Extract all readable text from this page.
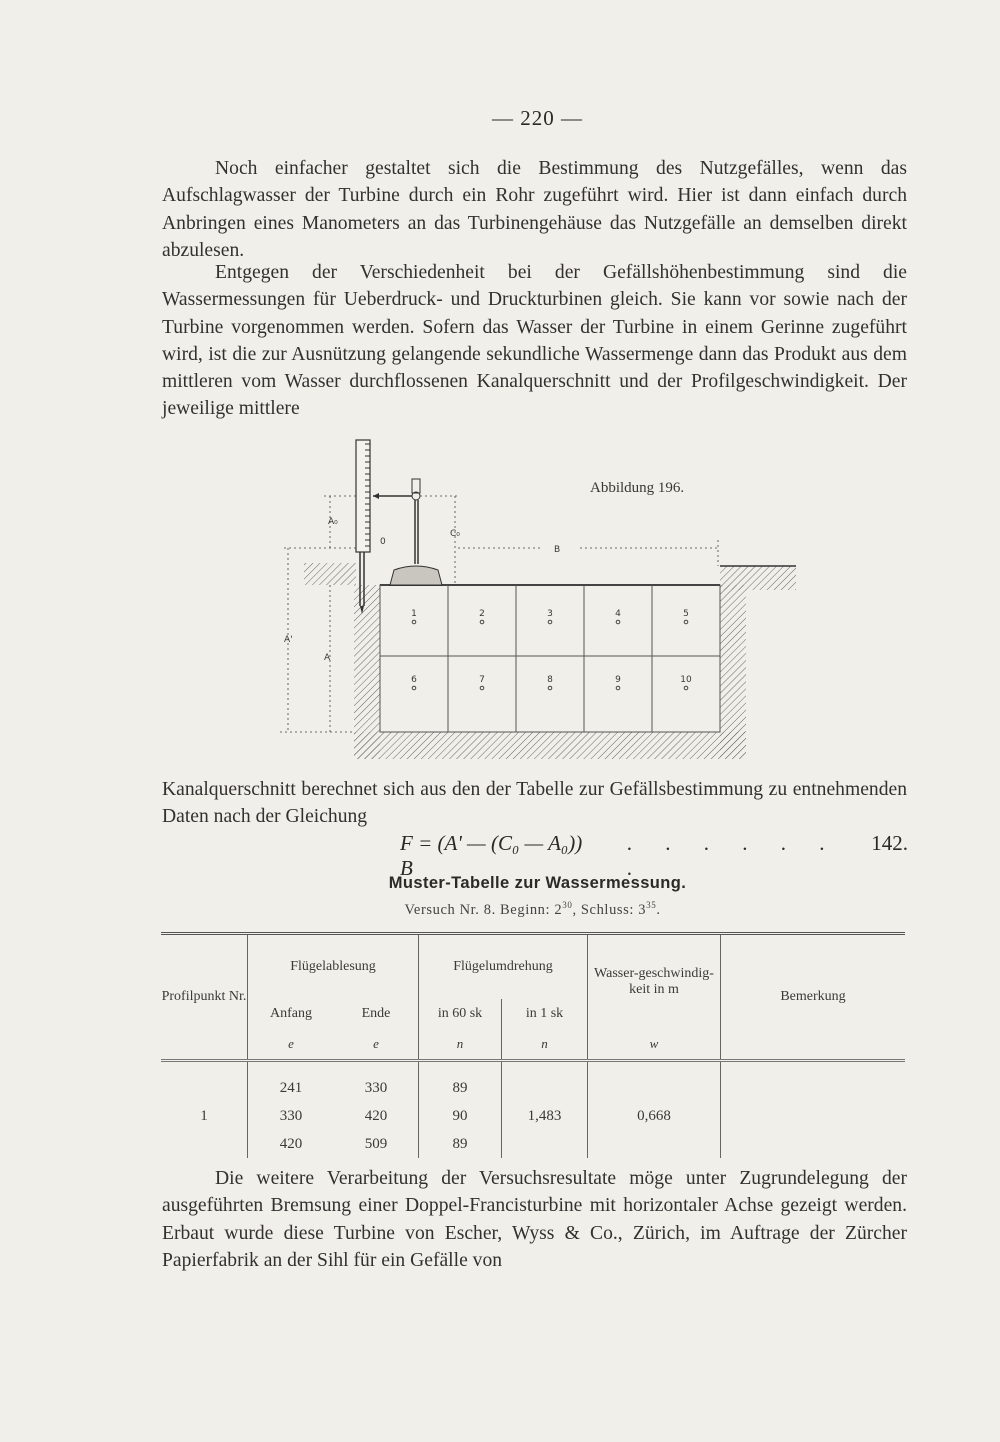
— 220 —

Noch einfacher gestaltet sich die Bestimmung des Nutzgefälles, wenn das Aufschlagwasser der Turbine durch ein Rohr zugeführt wird. Hier ist dann einfach durch Anbringen eines Manometers an das Turbinengehäuse das Nutzgefälle an demselben direkt abzulesen.

Entgegen der Verschiedenheit bei der Gefällshöhenbestimmung sind die Wassermessungen für Ueberdruck- und Druckturbinen gleich. Sie kann vor sowie nach der Turbine vorgenommen werden. Sofern das Wasser der Turbine in einem Gerinne zugeführt wird, ist die zur Ausnützung gelangende sekundliche Wassermenge dann das Produkt aus dem mittleren vom Wasser durchflossenen Kanalquerschnitt und der Profilgeschwindigkeit. Der jeweilige mittlere

1	2	3	4	5
6	7	8	9	10
A₀
0
C₀
B
A'
A
Abbildung 196.

Kanalquerschnitt berechnet sich aus den der Tabelle zur Gefällsbestimmung zu entnehmenden Daten nach der Gleichung

F = (A' — (C₀ — A₀)) B
. . . . . . .
142.
Muster-Tabelle zur Wassermessung.
Versuch Nr. 8. Beginn: $2^{30}$, Schluss: $3^{35}$.
Profilpunkt Nr.	Flügelablesung		Flügelumdrehung		Wasser-geschwindig-keit in m	Bemerkung
	Anfang	Ende	in 60 sk	in 1 sk		
	e	e	n	n	w	
	241	330	89			
1	330	420	90	1,483	0,668	
	420	509	89			

Die weitere Verarbeitung der Versuchsresultate möge unter Zugrundelegung der ausgeführten Bremsung einer Doppel-Francisturbine mit horizontaler Achse gezeigt werden. Erbaut wurde diese Turbine von Escher, Wyss & Co., Zürich, im Auftrage der Zürcher Papierfabrik an der Sihl für ein Gefälle von
